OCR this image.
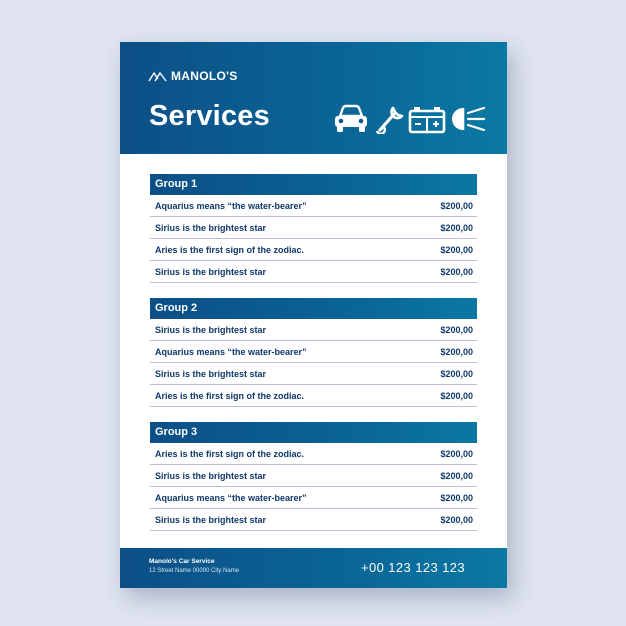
MANOLO'S
Services
Group 1
Aquarius means “the water-bearer”	$200,00
Sirius is the brightest star	$200,00
Aries is the first sign of the zodiac.	$200,00
Sirius is the brightest star	$200,00
Group 2
Sirius is the brightest star	$200,00
Aquarius means “the water-bearer”	$200,00
Sirius is the brightest star	$200,00
Aries is the first sign of the zodiac.	$200,00
Group 3
Aries is the first sign of the zodiac.	$200,00
Sirius is the brightest star	$200,00
Aquarius means “the water-bearer”	$200,00
Sirius is the brightest star	$200,00
Manolo's Car Service
12 Street Name 00000 City Name	+00 123 123 123
